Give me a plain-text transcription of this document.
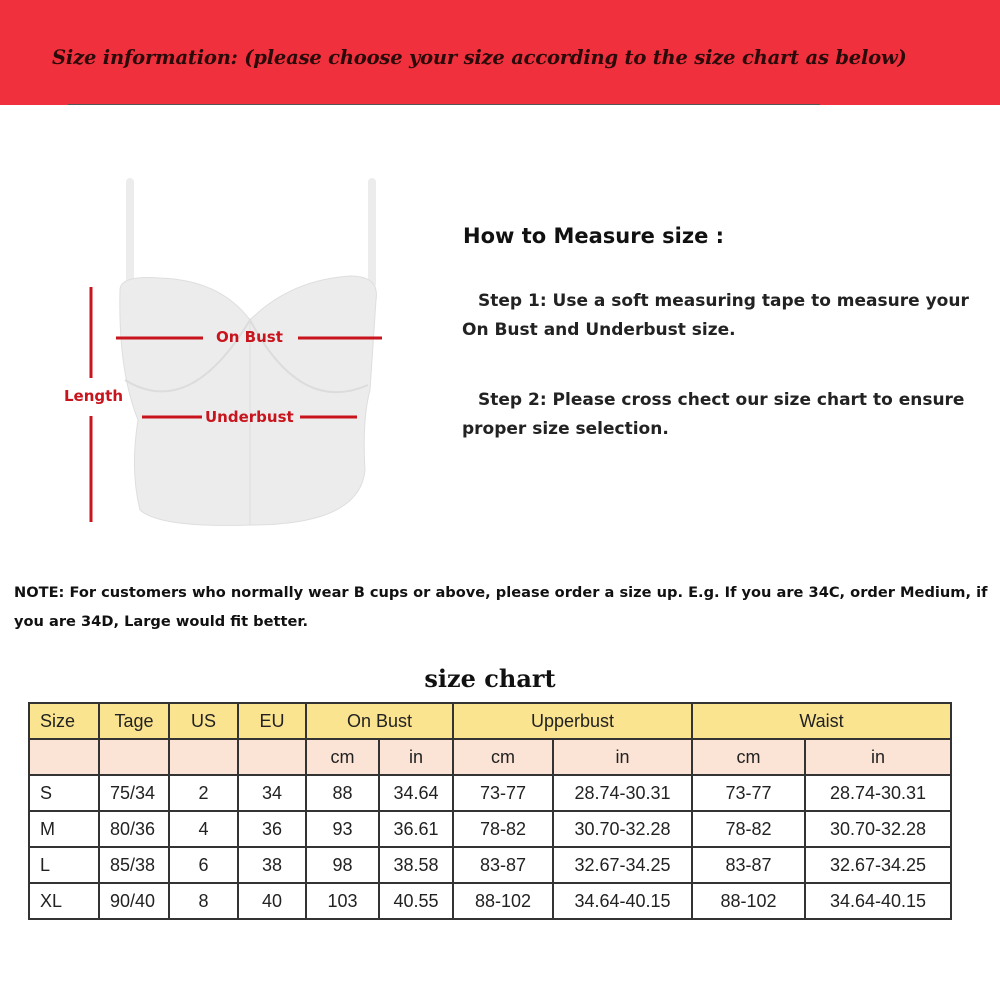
Size information: (please choose your size according to the size chart as below)
On Bust
Underbust
Length
How to Measure size :
Step 1: Use a soft measuring tape to measure your On Bust and Underbust size.
Step 2: Please cross chect our size chart to ensure proper size selection.
NOTE: For customers who normally wear B cups or above, please order a size up. E.g. If you are 34C, order Medium, if you are 34D, Large would fit better.
size chart
Size	Tage	US	EU	On Bust		Upperbust		Waist	
				cm	in	cm	in	cm	in
S	75/34	2	34	88	34.64	73-77	28.74-30.31	73-77	28.74-30.31
M	80/36	4	36	93	36.61	78-82	30.70-32.28	78-82	30.70-32.28
L	85/38	6	38	98	38.58	83-87	32.67-34.25	83-87	32.67-34.25
XL	90/40	8	40	103	40.55	88-102	34.64-40.15	88-102	34.64-40.15
